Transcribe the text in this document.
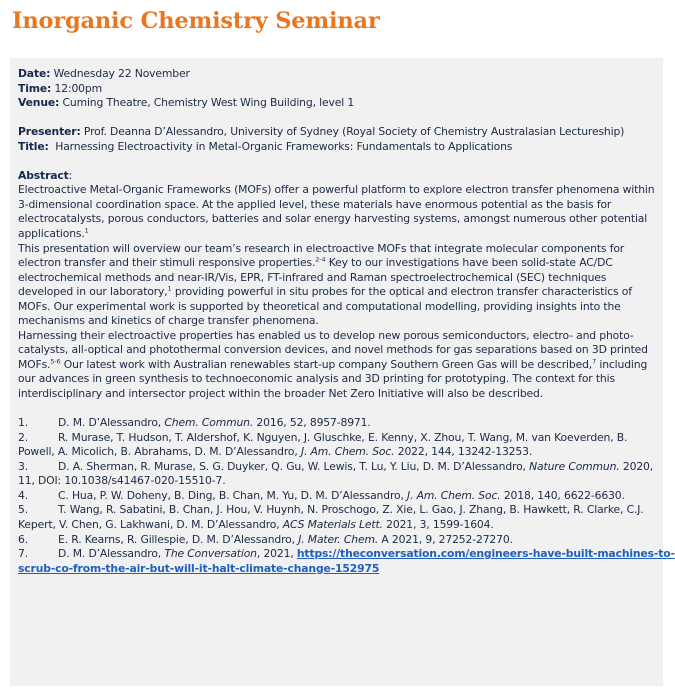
Inorganic Chemistry Seminar
Date: Wednesday 22 November
Time: 12:00pm
Venue: Cuming Theatre, Chemistry West Wing Building, level 1
Presenter: Prof. Deanna D’Alessandro, University of Sydney (Royal Society of Chemistry Australasian Lectureship)
Title: Harnessing Electroactivity in Metal-Organic Frameworks: Fundamentals to Applications
Abstract:

Electroactive Metal-Organic Frameworks (MOFs) offer a powerful platform to explore electron transfer phenomena within 3-dimensional coordination space. At the applied level, these materials have enormous potential as the basis for electrocatalysts, porous conductors, batteries and solar energy harvesting systems, amongst numerous other potential applications.$^1$

This presentation will overview our team’s research in electroactive MOFs that integrate molecular components for electron transfer and their stimuli responsive properties.$^{2-4}$ Key to our investigations have been solid-state AC/DC electrochemical methods and near-IR/Vis, EPR, FT-infrared and Raman spectroelectrochemical (SEC) techniques developed in our laboratory,$^1$ providing powerful in situ probes for the optical and electron transfer characteristics of MOFs. Our experimental work is supported by theoretical and computational modelling, providing insights into the mechanisms and kinetics of charge transfer phenomena.

Harnessing their electroactive properties has enabled us to develop new porous semiconductors, electro- and photo-catalysts, all-optical and photothermal conversion devices, and novel methods for gas separations based on 3D printed MOFs.$^{5-6}$ Our latest work with Australian renewables start-up company Southern Green Gas will be described,$^7$ including our advances in green synthesis to technoeconomic analysis and 3D printing for prototyping. The context for this interdisciplinary and intersector project within the broader Net Zero Initiative will also be described.

1.	D. M. D’Alessandro, Chem. Commun. 2016, 52, 8957-8971.
2.	R. Murase, T. Hudson, T. Aldershof, K. Nguyen, J. Gluschke, E. Kenny, X. Zhou, T. Wang, M. van Koeverden, B.
Powell, A. Micolich, B. Abrahams, D. M. D’Alessandro, J. Am. Chem. Soc. 2022, 144, 13242-13253.
3.	D. A. Sherman, R. Murase, S. G. Duyker, Q. Gu, W. Lewis, T. Lu, Y. Liu, D. M. D’Alessandro, Nature Commun. 2020,
11, DOI: 10.1038/s41467-020-15510-7.
4.	C. Hua, P. W. Doheny, B. Ding, B. Chan, M. Yu, D. M. D’Alessandro, J. Am. Chem. Soc. 2018, 140, 6622-6630.
5.	T. Wang, R. Sabatini, B. Chan, J. Hou, V. Huynh, N. Proschogo, Z. Xie, L. Gao, J. Zhang, B. Hawkett, R. Clarke, C.J.
Kepert, V. Chen, G. Lakhwani, D. M. D’Alessandro, ACS Materials Lett. 2021, 3, 1599-1604.
6.	E. R. Kearns, R. Gillespie, D. M. D’Alessandro, J. Mater. Chem. A 2021, 9, 27252-27270.
7.	D. M. D’Alessandro, The Conversation, 2021, https://theconversation.com/engineers-have-built-machines-to-
scrub-co-from-the-air-but-will-it-halt-climate-change-152975
